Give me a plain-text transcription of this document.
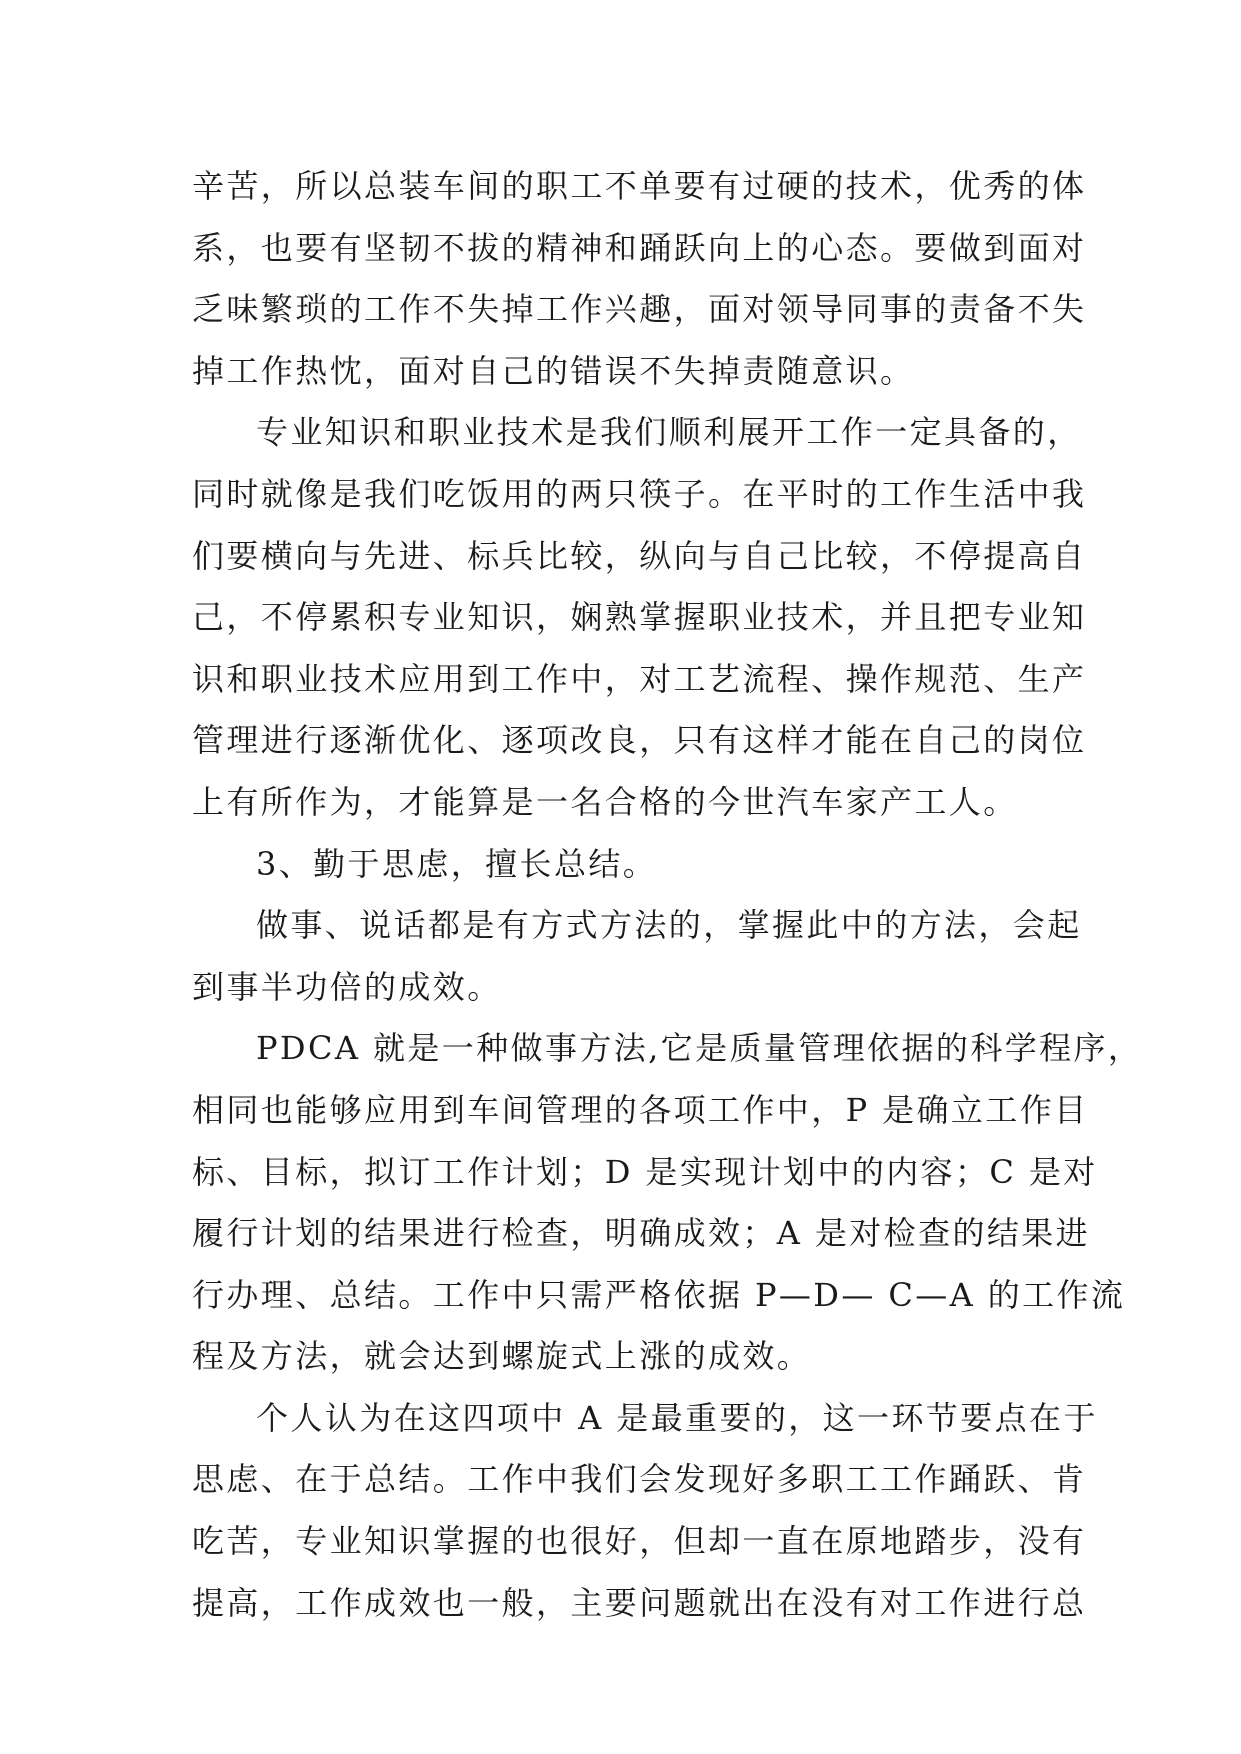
辛苦，所以总装车间的职工不单要有过硬的技术，优秀的体
系，也要有坚韧不拔的精神和踊跃向上的心态。要做到面对
乏味繁琐的工作不失掉工作兴趣，面对领导同事的责备不失
掉工作热忱，面对自己的错误不失掉责随意识。
专业知识和职业技术是我们顺利展开工作一定具备的，
同时就像是我们吃饭用的两只筷子。在平时的工作生活中我
们要横向与先进、标兵比较，纵向与自己比较，不停提高自
己，不停累积专业知识，娴熟掌握职业技术，并且把专业知
识和职业技术应用到工作中，对工艺流程、操作规范、生产
管理进行逐渐优化、逐项改良，只有这样才能在自己的岗位
上有所作为，才能算是一名合格的今世汽车家产工人。
3、勤于思虑，擅长总结。
做事、说话都是有方式方法的，掌握此中的方法，会起
到事半功倍的成效。
PDCA 就是一种做事方法,它是质量管理依据的科学程序，
相同也能够应用到车间管理的各项工作中，P 是确立工作目
标、目标，拟订工作计划；D 是实现计划中的内容；C 是对
履行计划的结果进行检查，明确成效；A 是对检查的结果进
行办理、总结。工作中只需严格依据 P—D— C—A 的工作流
程及方法，就会达到螺旋式上涨的成效。
个人认为在这四项中 A 是最重要的，这一环节要点在于
思虑、在于总结。工作中我们会发现好多职工工作踊跃、肯
吃苦，专业知识掌握的也很好，但却一直在原地踏步，没有
提高，工作成效也一般，主要问题就出在没有对工作进行总
